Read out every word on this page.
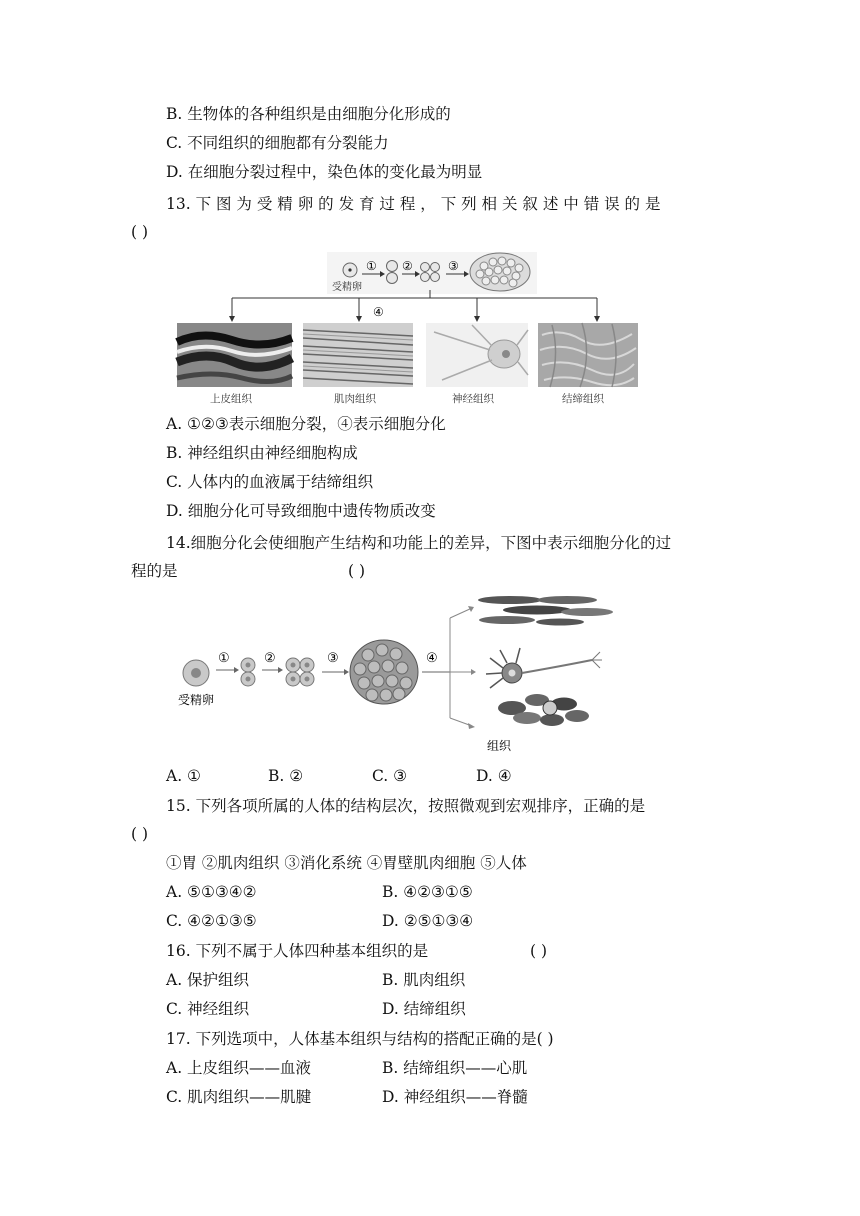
B. 生物体的各种组织是由细胞分化形成的
C. 不同组织的细胞都有分裂能力
D. 在细胞分裂过程中，染色体的变化最为明显
13. 下 图 为 受 精 卵 的 发 育 过 程 ， 下 列 相 关 叙 述 中 错 误 的 是
( )
受精卵
① ②	③
④
上皮组织	肌肉组织	神经组织	结缔组织
A. ①②③表示细胞分裂，④表示细胞分化
B. 神经组织由神经细胞构成
C. 人体内的血液属于结缔组织
D. 细胞分化可导致细胞中遗传物质改变
14.细胞分化会使细胞产生结构和功能上的差异，下图中表示细胞分化的过
程的是	( )
受精卵
①	②	③	④
组织
A. ①	B. ②	C. ③	D. ④
15. 下列各项所属的人体的结构层次，按照微观到宏观排序，正确的是
( )
①胃 ②肌肉组织 ③消化系统 ④胃壁肌肉细胞 ⑤人体
A. ⑤①③④②	B. ④②③①⑤
C. ④②①③⑤	D. ②⑤①③④
16. 下列不属于人体四种基本组织的是	( )
A. 保护组织	B. 肌肉组织
C. 神经组织	D. 结缔组织
17. 下列选项中，人体基本组织与结构的搭配正确的是( )
A. 上皮组织——血液	B. 结缔组织——心肌
C. 肌肉组织——肌腱	D. 神经组织——脊髓
